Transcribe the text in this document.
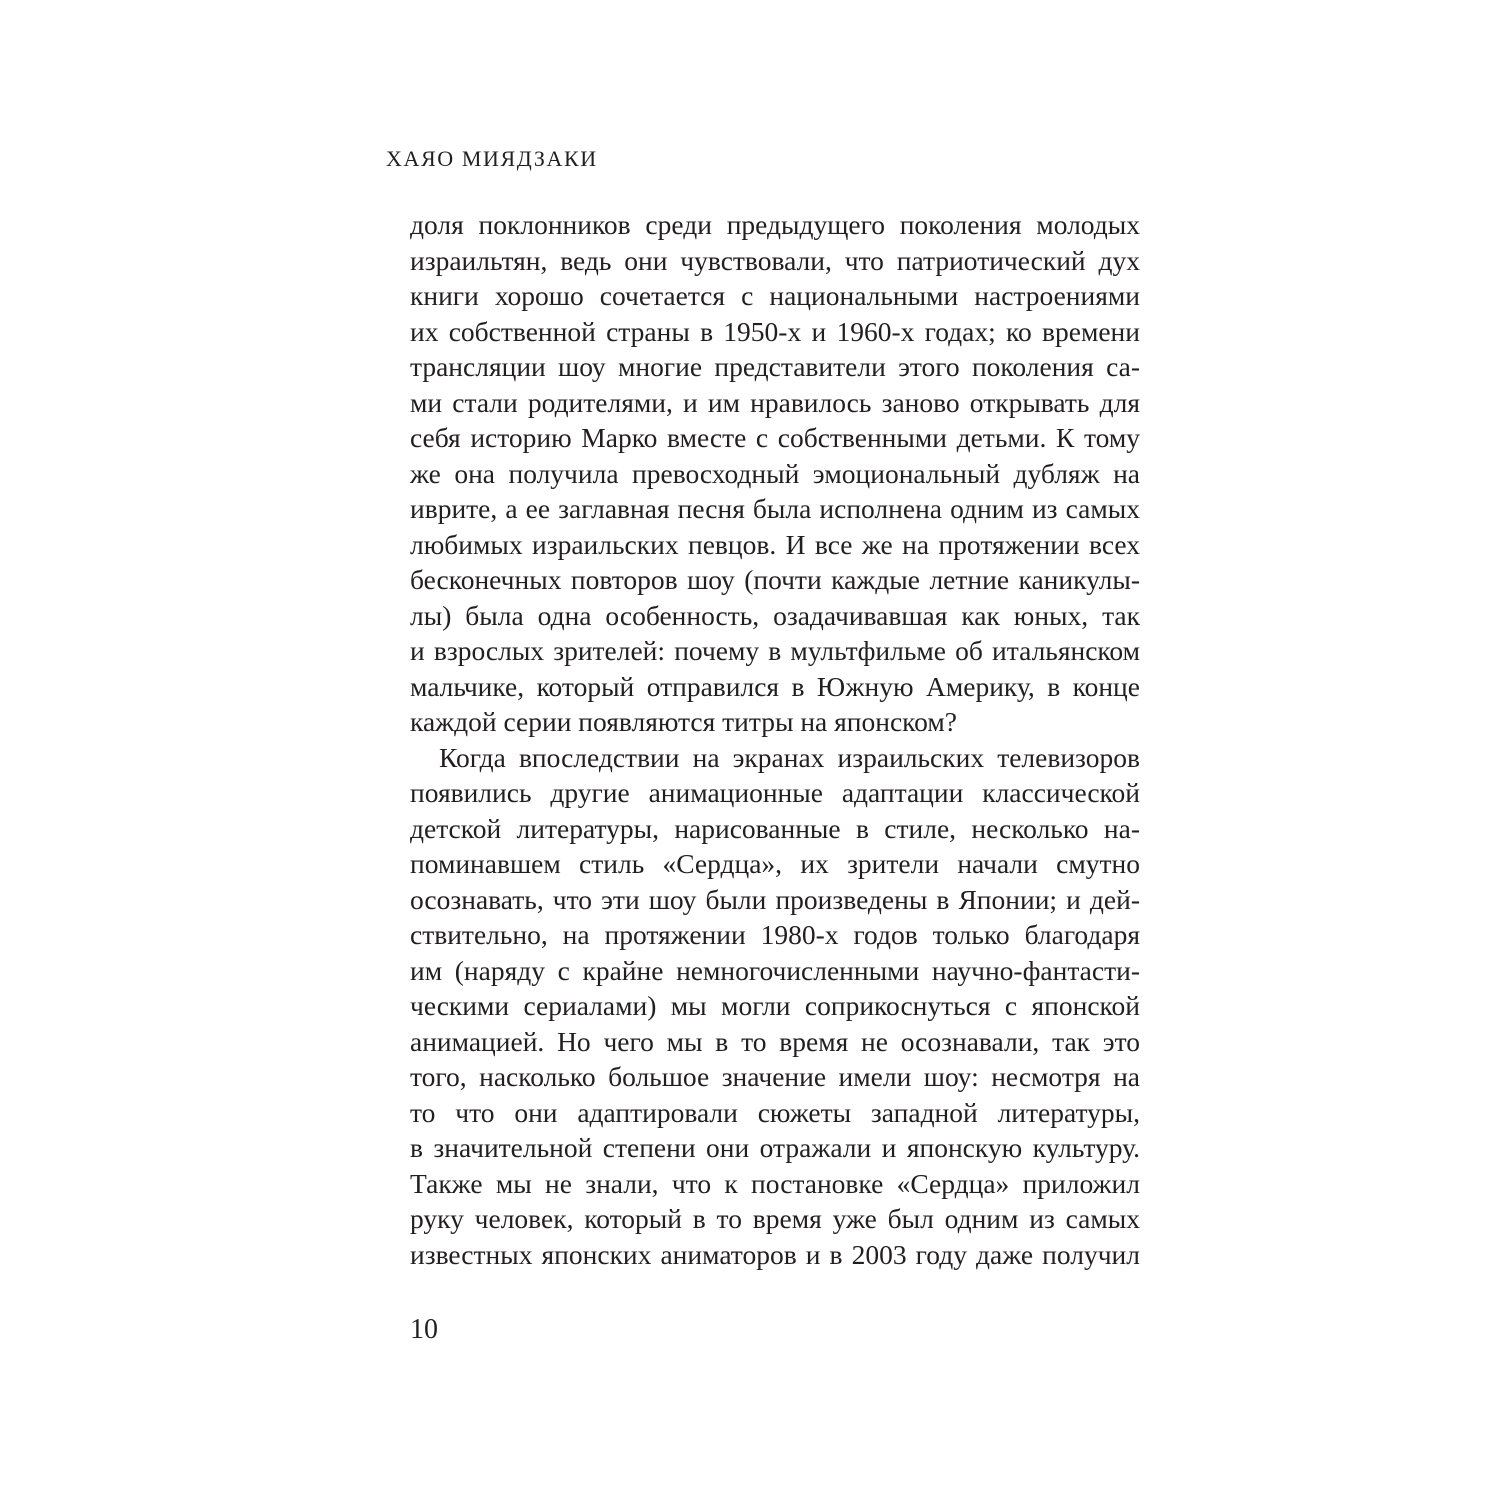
ХАЯО МИЯДЗАКИ
доля поклонников среди предыдущего поколения молодых
израильтян, ведь они чувствовали, что патриотический дух
книги хорошо сочетается с национальными настроениями
их собственной страны в 1950-х и 1960-х годах; ко времени
трансляции шоу многие представители этого поколения са-
ми стали родителями, и им нравилось заново открывать для
себя историю Марко вместе с собственными детьми. К тому
же она получила превосходный эмоциональный дубляж на
иврите, а ее заглавная песня была исполнена одним из самых
любимых израильских певцов. И все же на протяжении всех
бесконечных повторов шоу (почти каждые летние каникулы-
лы) была одна особенность, озадачивавшая как юных, так
и взрослых зрителей: почему в мультфильме об итальянском
мальчике, который отправился в Южную Америку, в конце
каждой серии появляются титры на японском?
Когда впоследствии на экранах израильских телевизоров
появились другие анимационные адаптации классической
детской литературы, нарисованные в стиле, несколько на-
поминавшем стиль «Сердца», их зрители начали смутно
осознавать, что эти шоу были произведены в Японии; и дей-
ствительно, на протяжении 1980-х годов только благодаря
им (наряду с крайне немногочисленными научно-фантасти-
ческими сериалами) мы могли соприкоснуться с японской
анимацией. Но чего мы в то время не осознавали, так это
того, насколько большое значение имели шоу: несмотря на
то что они адаптировали сюжеты западной литературы,
в значительной степени они отражали и японскую культуру.
Также мы не знали, что к постановке «Сердца» приложил
руку человек, который в то время уже был одним из самых
известных японских аниматоров и в 2003 году даже получил
10
